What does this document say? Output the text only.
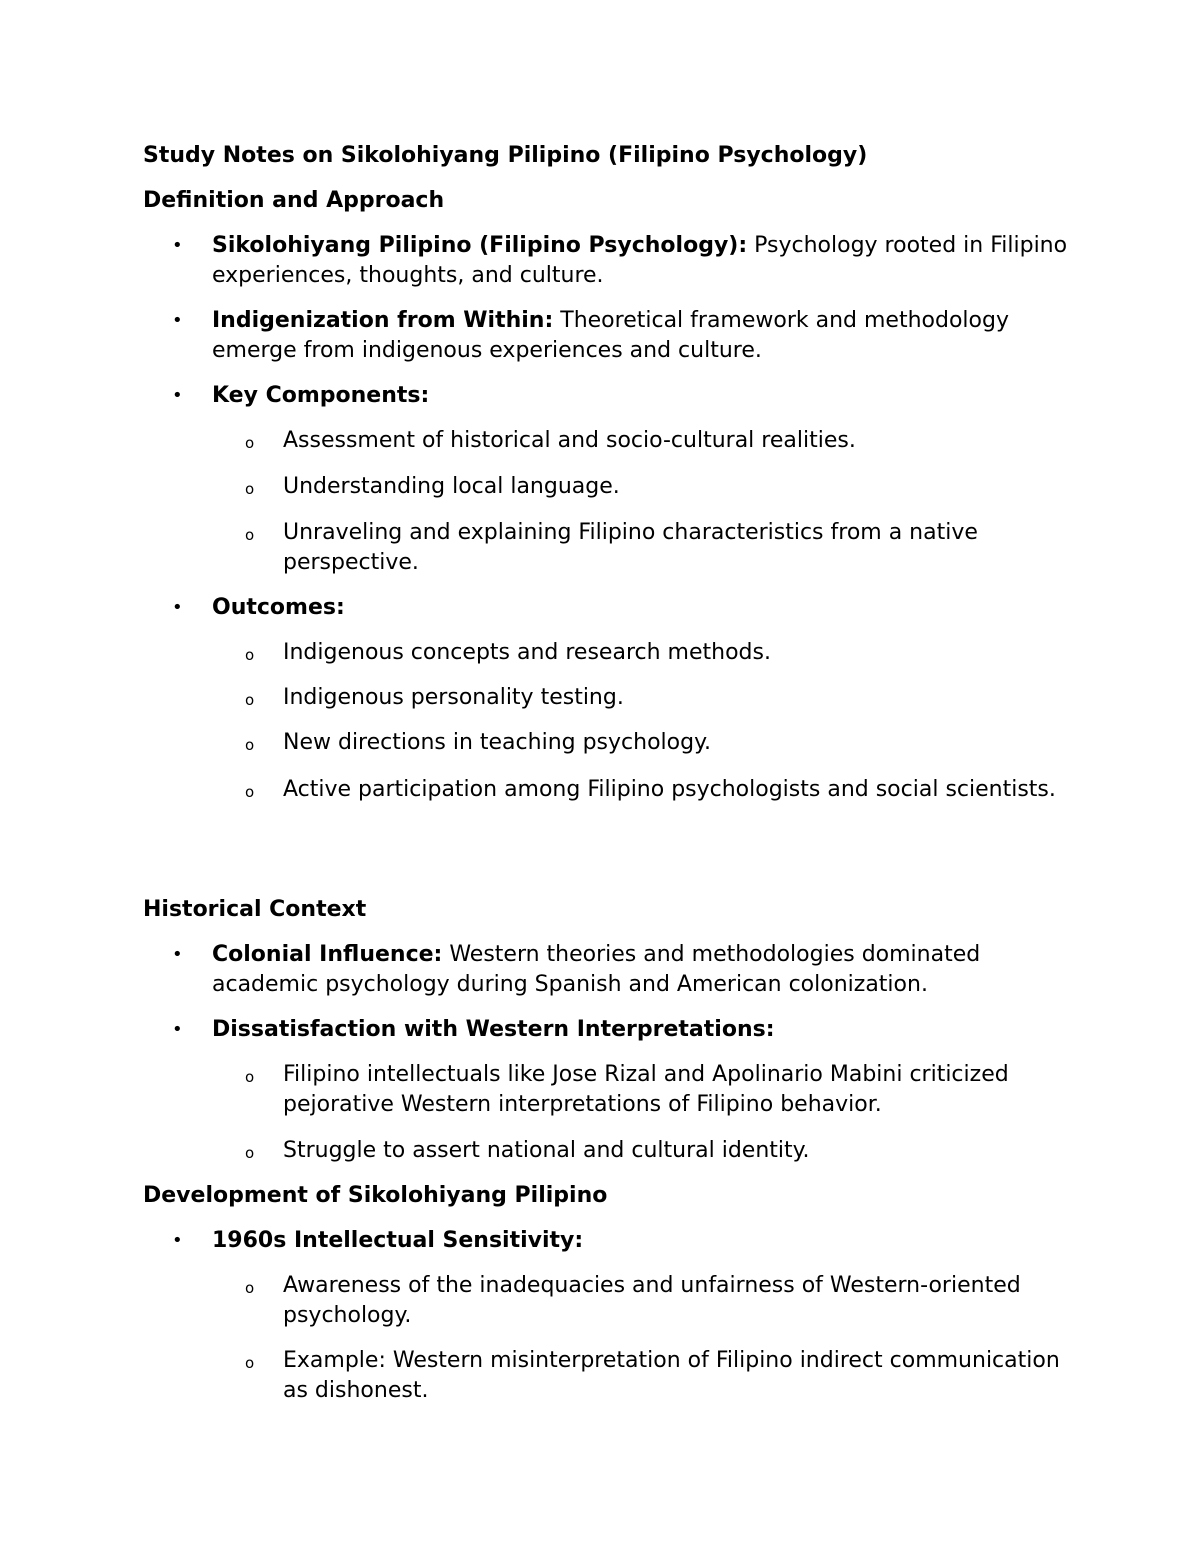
Study Notes on Sikolohiyang Pilipino (Filipino Psychology)
Definition and Approach
•	Sikolohiyang Pilipino (Filipino Psychology): Psychology rooted in Filipino experiences, thoughts, and culture.
•	Indigenization from Within: Theoretical framework and methodology emerge from indigenous experiences and culture.
•	Key Components:
o	Assessment of historical and socio-cultural realities.
o	Understanding local language.
o	Unraveling and explaining Filipino characteristics from a native perspective.
•	Outcomes:
o	Indigenous concepts and research methods.
o	Indigenous personality testing.
o	New directions in teaching psychology.
o	Active participation among Filipino psychologists and social scientists.
Historical Context
•	Colonial Influence: Western theories and methodologies dominated academic psychology during Spanish and American colonization.
•	Dissatisfaction with Western Interpretations:
o	Filipino intellectuals like Jose Rizal and Apolinario Mabini criticized pejorative Western interpretations of Filipino behavior.
o	Struggle to assert national and cultural identity.
Development of Sikolohiyang Pilipino
•	1960s Intellectual Sensitivity:
o	Awareness of the inadequacies and unfairness of Western-oriented psychology.
o	Example: Western misinterpretation of Filipino indirect communication as dishonest.
